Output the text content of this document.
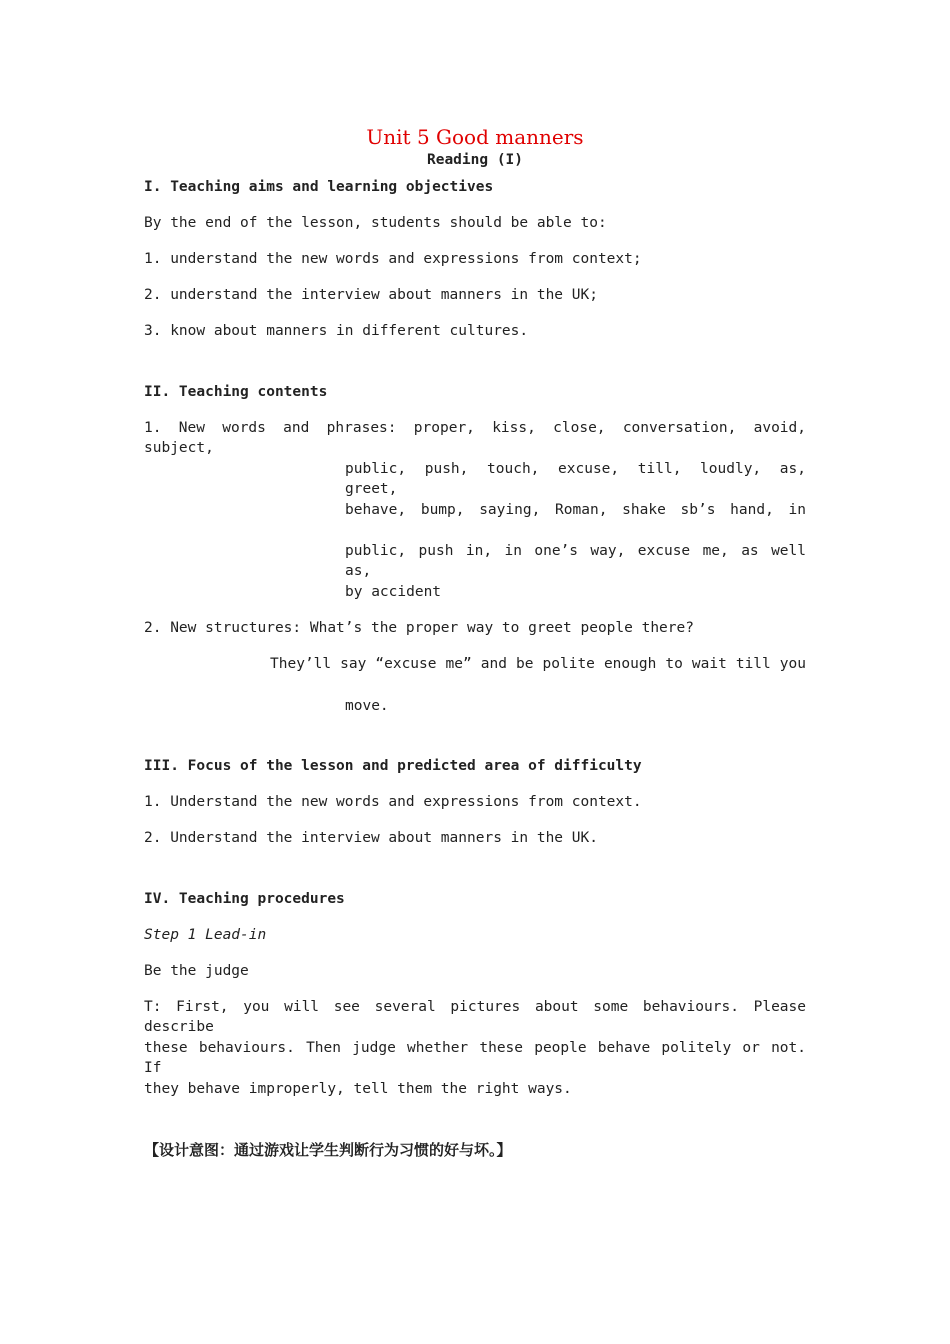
Unit 5 Good manners
Reading (I)
I. Teaching aims and learning objectives
By the end of the lesson, students should be able to:
1. understand the new words and expressions from context;
2. understand the interview about manners in the UK;
3. know about manners in different cultures.
II. Teaching contents
1. New words and phrases: proper, kiss, close, conversation, avoid, subject,
public, push, touch, excuse, till, loudly, as, greet,
behave, bump, saying, Roman, shake sb’s hand, in
public, push in, in one’s way, excuse me, as well as,
by accident
2. New structures: What’s the proper way to greet people there?
They’ll say “excuse me” and be polite enough to wait till you
move.
III. Focus of the lesson and predicted area of difficulty
1. Understand the new words and expressions from context.
2. Understand the interview about manners in the UK.
IV. Teaching procedures
Step 1 Lead-in
Be the judge
T: First, you will see several pictures about some behaviours. Please describe
these behaviours. Then judge whether these people behave politely or not. If
they behave improperly, tell them the right ways.
【设计意图：通过游戏让学生判断行为习惯的好与坏。】
